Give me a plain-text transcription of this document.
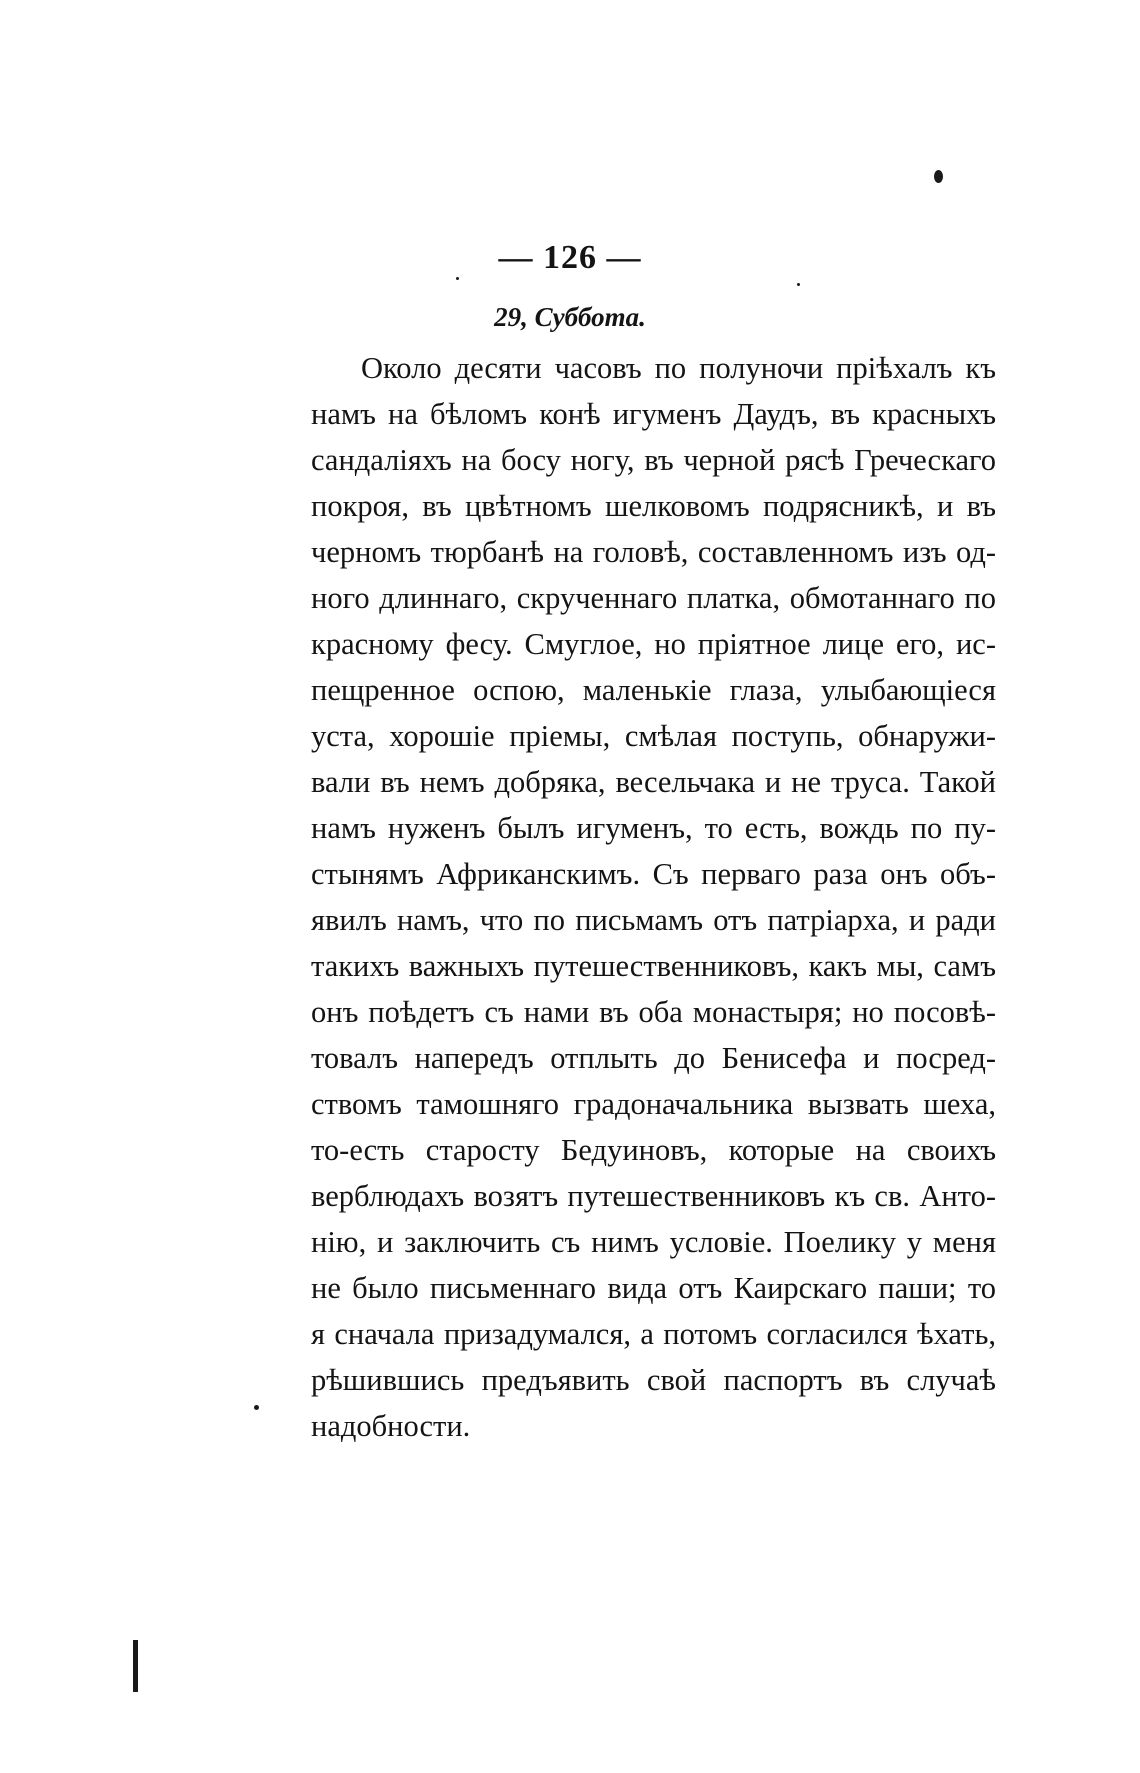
— 126 —
29, Суббота.
Около десяти часовъ по полуночи пріѣхалъ къ
намъ на бѣломъ конѣ игуменъ Даудъ, въ красныхъ
сандаліяхъ на босу ногу, въ черной рясѣ Греческаго
покроя, въ цвѣтномъ шелковомъ подрясникѣ, и въ
черномъ тюрбанѣ на головѣ, составленномъ изъ од-
ного длиннаго, скрученнаго платка, обмотаннаго по
красному фесу. Смуглое, но пріятное лице его, ис-
пещренное оспою, маленькіе глаза, улыбающіеся
уста, хорошіе пріемы, смѣлая поступь, обнаружи-
вали въ немъ добряка, весельчака и не труса. Такой
намъ нуженъ былъ игуменъ, то есть, вождь по пу-
стынямъ Африканскимъ. Съ перваго раза онъ объ-
явилъ намъ, что по письмамъ отъ патріарха, и ради
такихъ важныхъ путешественниковъ, какъ мы, самъ
онъ поѣдетъ съ нами въ оба монастыря; но посовѣ-
товалъ напередъ отплыть до Бенисефа и посред-
ствомъ тамошняго градоначальника вызвать шеха,
то-есть старосту Бедуиновъ, которые на своихъ
верблюдахъ возятъ путешественниковъ къ св. Анто-
нію, и заключить съ нимъ условіе. Поелику у меня
не было письменнаго вида отъ Каирскаго паши; то
я сначала призадумался, а потомъ согласился ѣхать,
рѣшившись предъявить свой паспортъ въ случаѣ
надобности.
